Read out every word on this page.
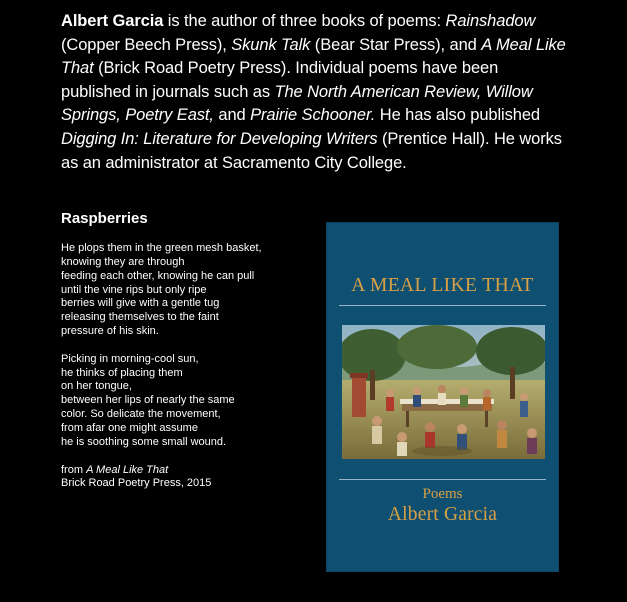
Albert Garcia is the author of three books of poems: Rainshadow
(Copper Beech Press), Skunk Talk (Bear Star Press), and A Meal Like
That (Brick Road Poetry Press). Individual poems have been
published in journals such as The North American Review, Willow
Springs, Poetry East, and Prairie Schooner. He has also published
Digging In: Literature for Developing Writers (Prentice Hall). He works
as an administrator at Sacramento City College.
Raspberries
He plops them in the green mesh basket,
knowing they are through
feeding each other, knowing he can pull
until the vine rips but only ripe
berries will give with a gentle tug
releasing themselves to the faint
pressure of his skin.
Picking in morning-cool sun,
he thinks of placing them
on her tongue,
between her lips of nearly the same
color. So delicate the movement,
from afar one might assume
he is soothing some small wound.
from A Meal Like That
Brick Road Poetry Press, 2015
A MEAL LIKE THAT
Poems
Albert Garcia
